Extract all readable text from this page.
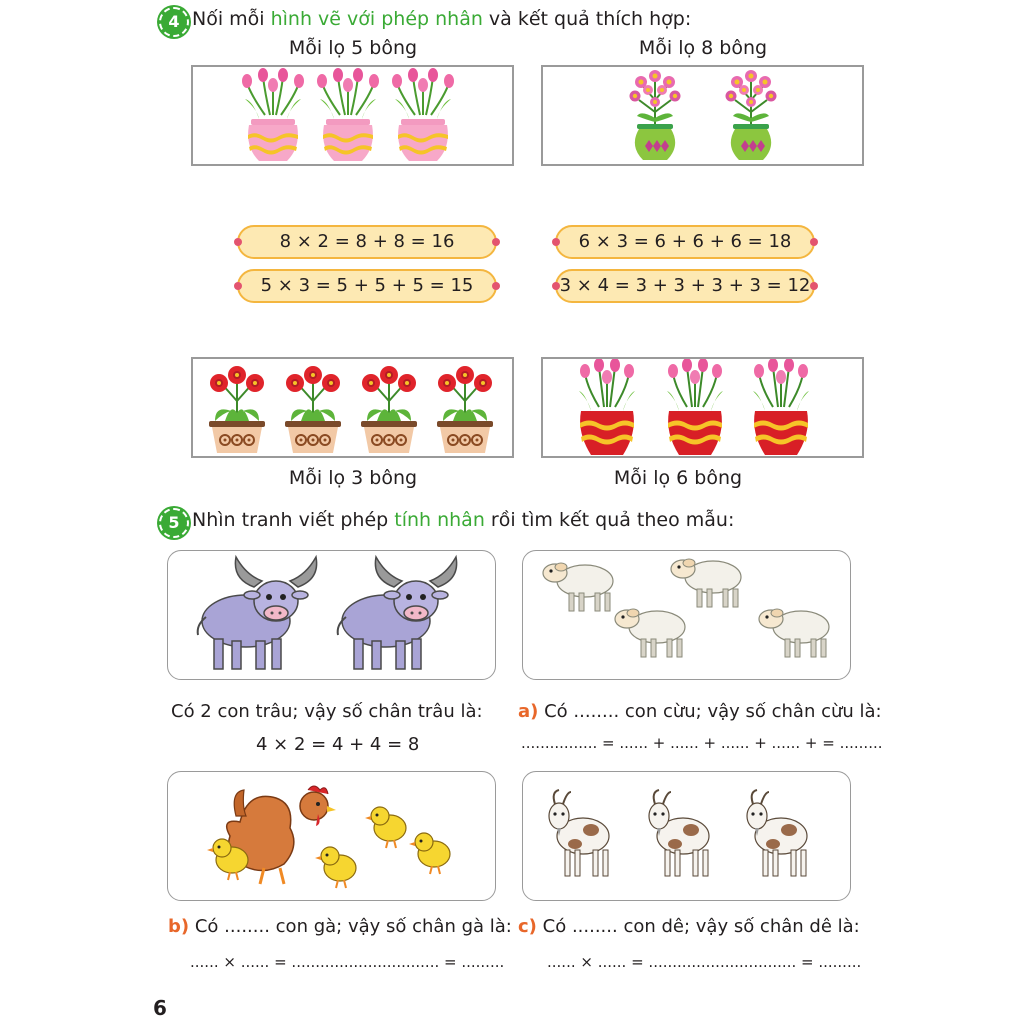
4 Nối mỗi hình vẽ với phép nhân và kết quả thích hợp:
Mỗi lọ 5 bông	Mỗi lọ 8 bông
8 × 2 = 8 + 8 = 16	6 × 3 = 6 + 6 + 6 = 18
5 × 3 = 5 + 5 + 5 = 15	3 × 4 = 3 + 3 + 3 + 3 = 12
Mỗi lọ 3 bông	Mỗi lọ 6 bông
5 Nhìn tranh viết phép tính nhân rồi tìm kết quả theo mẫu:
Có 2 con trâu; vậy số chân trâu là:
4 × 2 = 4 + 4 = 8
a) Có ........ con cừu; vậy số chân cừu là:
................ = ...... + ...... + ...... + ...... + = .........
b) Có ........ con gà; vậy số chân gà là:
...... × ...... = ............................... = .........
c) Có ........ con dê; vậy số chân dê là:
...... × ...... = ............................... = .........
6
